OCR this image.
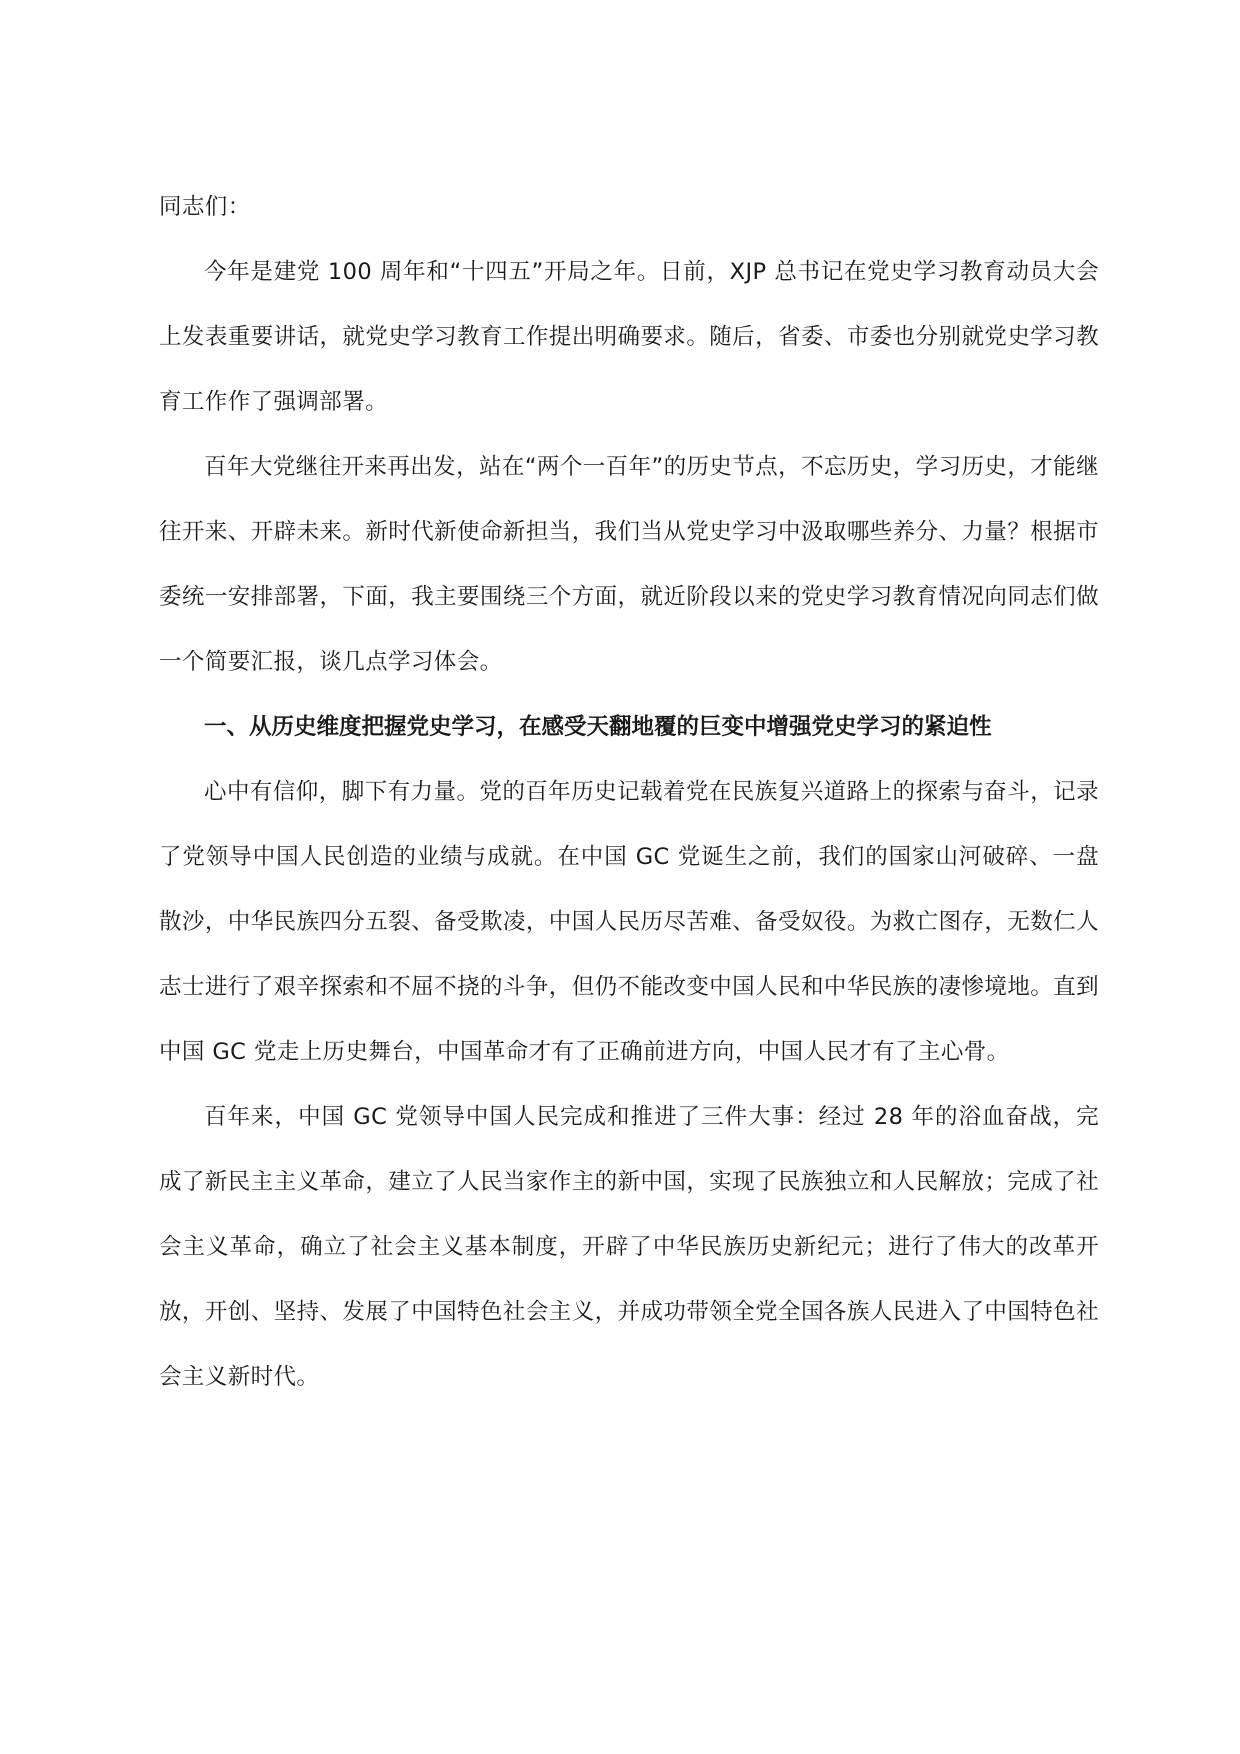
同志们：

今年是建党 100 周年和“十四五”开局之年。日前，XJP 总书记在党史学习教育动员大会上发表重要讲话，就党史学习教育工作提出明确要求。随后，省委、市委也分别就党史学习教育工作作了强调部署。

百年大党继往开来再出发，站在“两个一百年”的历史节点，不忘历史，学习历史，才能继往开来、开辟未来。新时代新使命新担当，我们当从党史学习中汲取哪些养分、力量？根据市委统一安排部署，下面，我主要围绕三个方面，就近阶段以来的党史学习教育情况向同志们做一个简要汇报，谈几点学习体会。

一、从历史维度把握党史学习，在感受天翻地覆的巨变中增强党史学习的紧迫性

心中有信仰，脚下有力量。党的百年历史记载着党在民族复兴道路上的探索与奋斗，记录了党领导中国人民创造的业绩与成就。在中国 GC 党诞生之前，我们的国家山河破碎、一盘散沙，中华民族四分五裂、备受欺凌，中国人民历尽苦难、备受奴役。为救亡图存，无数仁人志士进行了艰辛探索和不屈不挠的斗争，但仍不能改变中国人民和中华民族的凄惨境地。直到中国 GC 党走上历史舞台，中国革命才有了正确前进方向，中国人民才有了主心骨。

百年来，中国 GC 党领导中国人民完成和推进了三件大事：经过 28 年的浴血奋战，完成了新民主主义革命，建立了人民当家作主的新中国，实现了民族独立和人民解放；完成了社会主义革命，确立了社会主义基本制度，开辟了中华民族历史新纪元；进行了伟大的改革开放，开创、坚持、发展了中国特色社会主义，并成功带领全党全国各族人民进入了中国特色社会主义新时代。
